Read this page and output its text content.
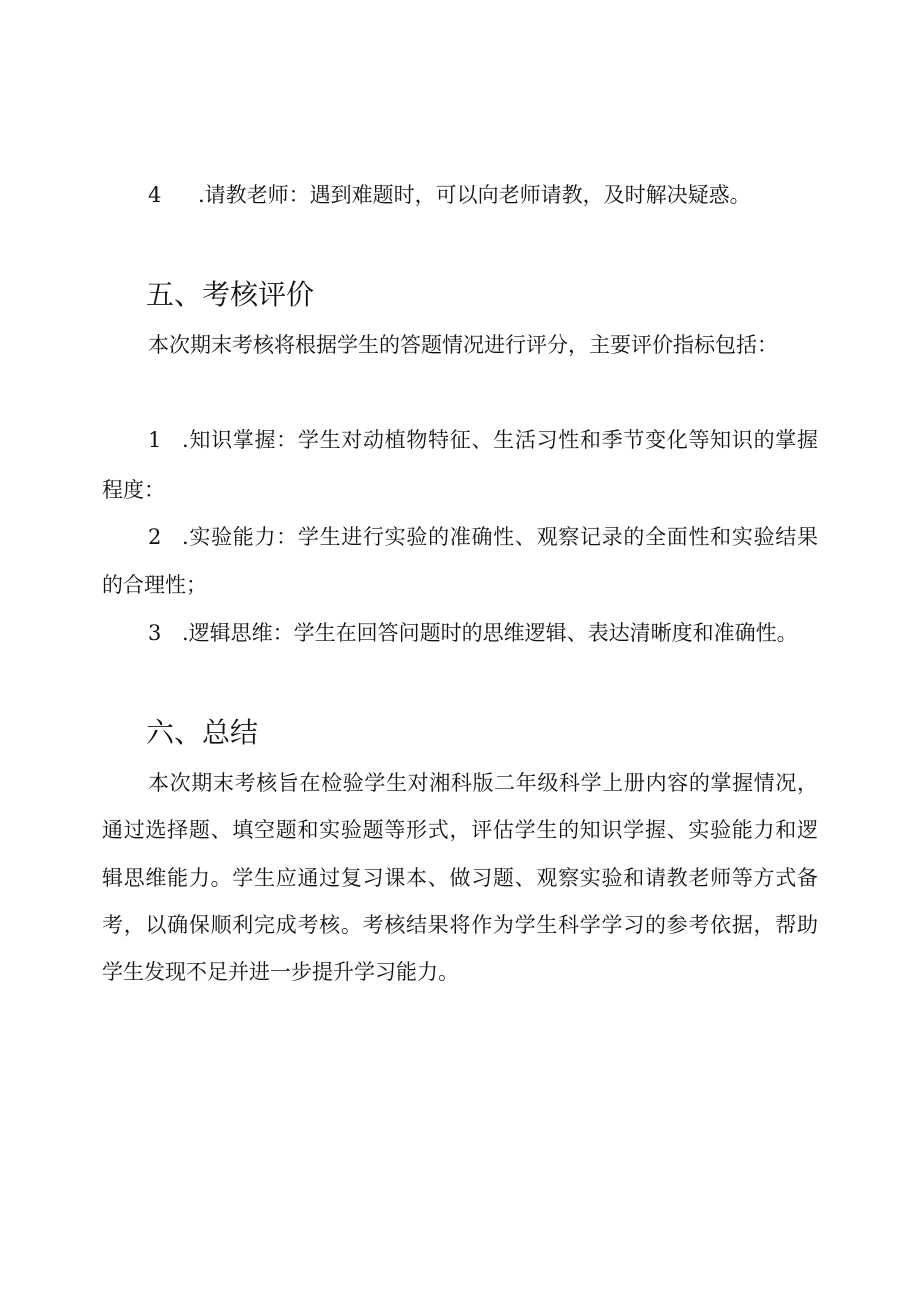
4 .请教老师：遇到难题时，可以向老师请教，及时解决疑惑。
五、考核评价
本次期末考核将根据学生的答题情况进行评分，主要评价指标包括：
1 .知识掌握：学生对动植物特征、生活习性和季节变化等知识的掌握
程度：
2 .实验能力：学生进行实验的准确性、观察记录的全面性和实验结果
的合理性；
3 .逻辑思维：学生在回答问题时的思维逻辑、表达清晰度和准确性。
六、总结
本次期末考核旨在检验学生对湘科版二年级科学上册内容的掌握情况，
通过选择题、填空题和实验题等形式，评估学生的知识学握、实验能力和逻
辑思维能力。学生应通过复习课本、做习题、观察实验和请教老师等方式备
考，以确保顺利完成考核。考核结果将作为学生科学学习的参考依据，帮助
学生发现不足并进一步提升学习能力。
